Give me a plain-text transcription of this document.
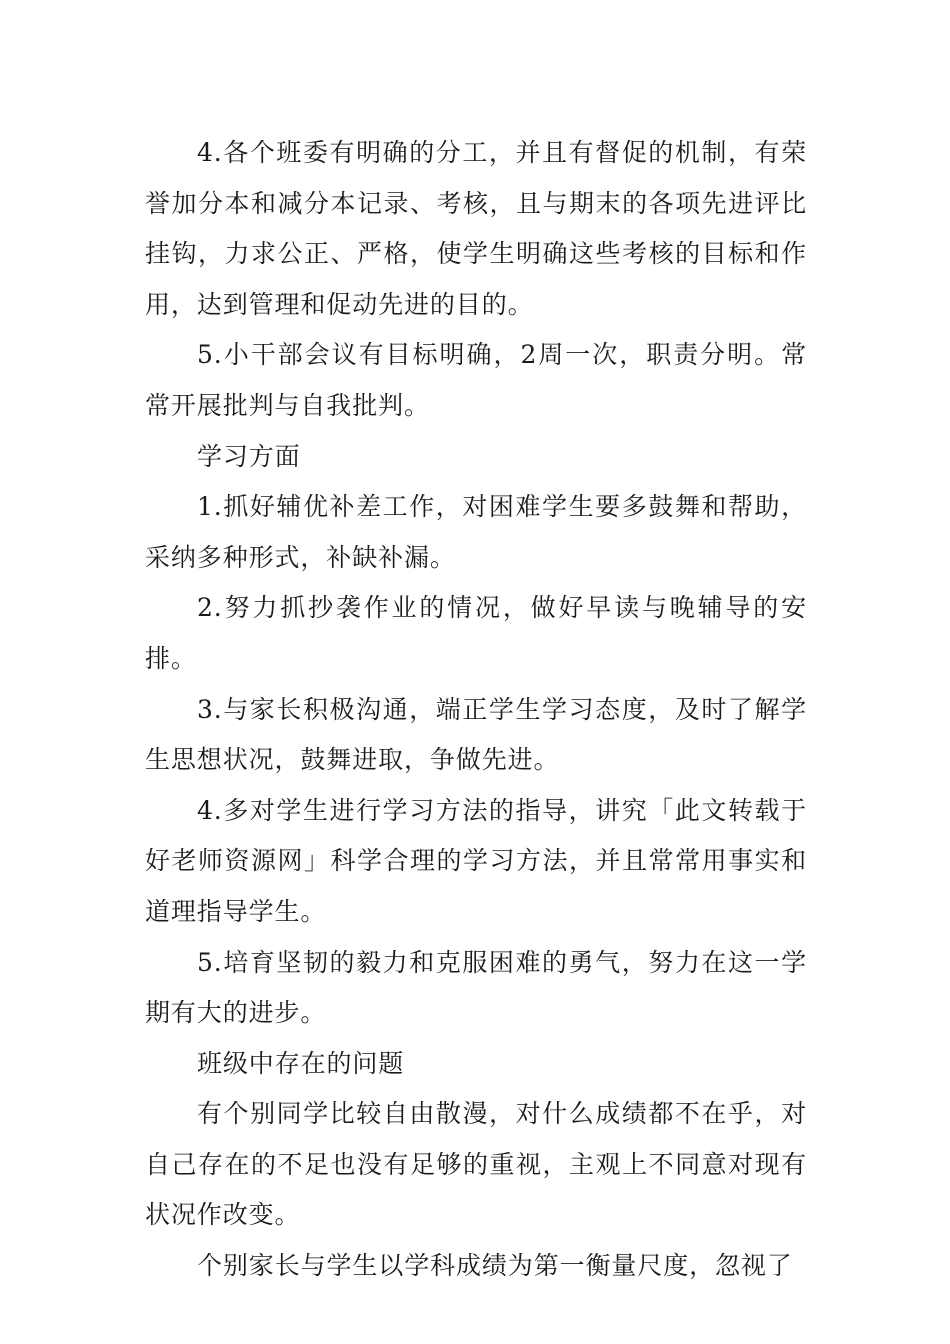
4.各个班委有明确的分工，并且有督促的机制，有荣誉加分本和减分本记录、考核，且与期末的各项先进评比挂钩，力求公正、严格，使学生明确这些考核的目标和作用，达到管理和促动先进的目的。

5.小干部会议有目标明确，2周一次，职责分明。常常开展批判与自我批判。

学习方面

1.抓好辅优补差工作，对困难学生要多鼓舞和帮助，采纳多种形式，补缺补漏。

2.努力抓抄袭作业的情况，做好早读与晚辅导的安排。

3.与家长积极沟通，端正学生学习态度，及时了解学生思想状况，鼓舞进取，争做先进。

4.多对学生进行学习方法的指导，讲究「此文转载于好老师资源网」科学合理的学习方法，并且常常用事实和道理指导学生。

5.培育坚韧的毅力和克服困难的勇气，努力在这一学期有大的进步。

班级中存在的问题

有个别同学比较自由散漫，对什么成绩都不在乎，对自己存在的不足也没有足够的重视，主观上不同意对现有状况作改变。

个别家长与学生以学科成绩为第一衡量尺度，忽视了
